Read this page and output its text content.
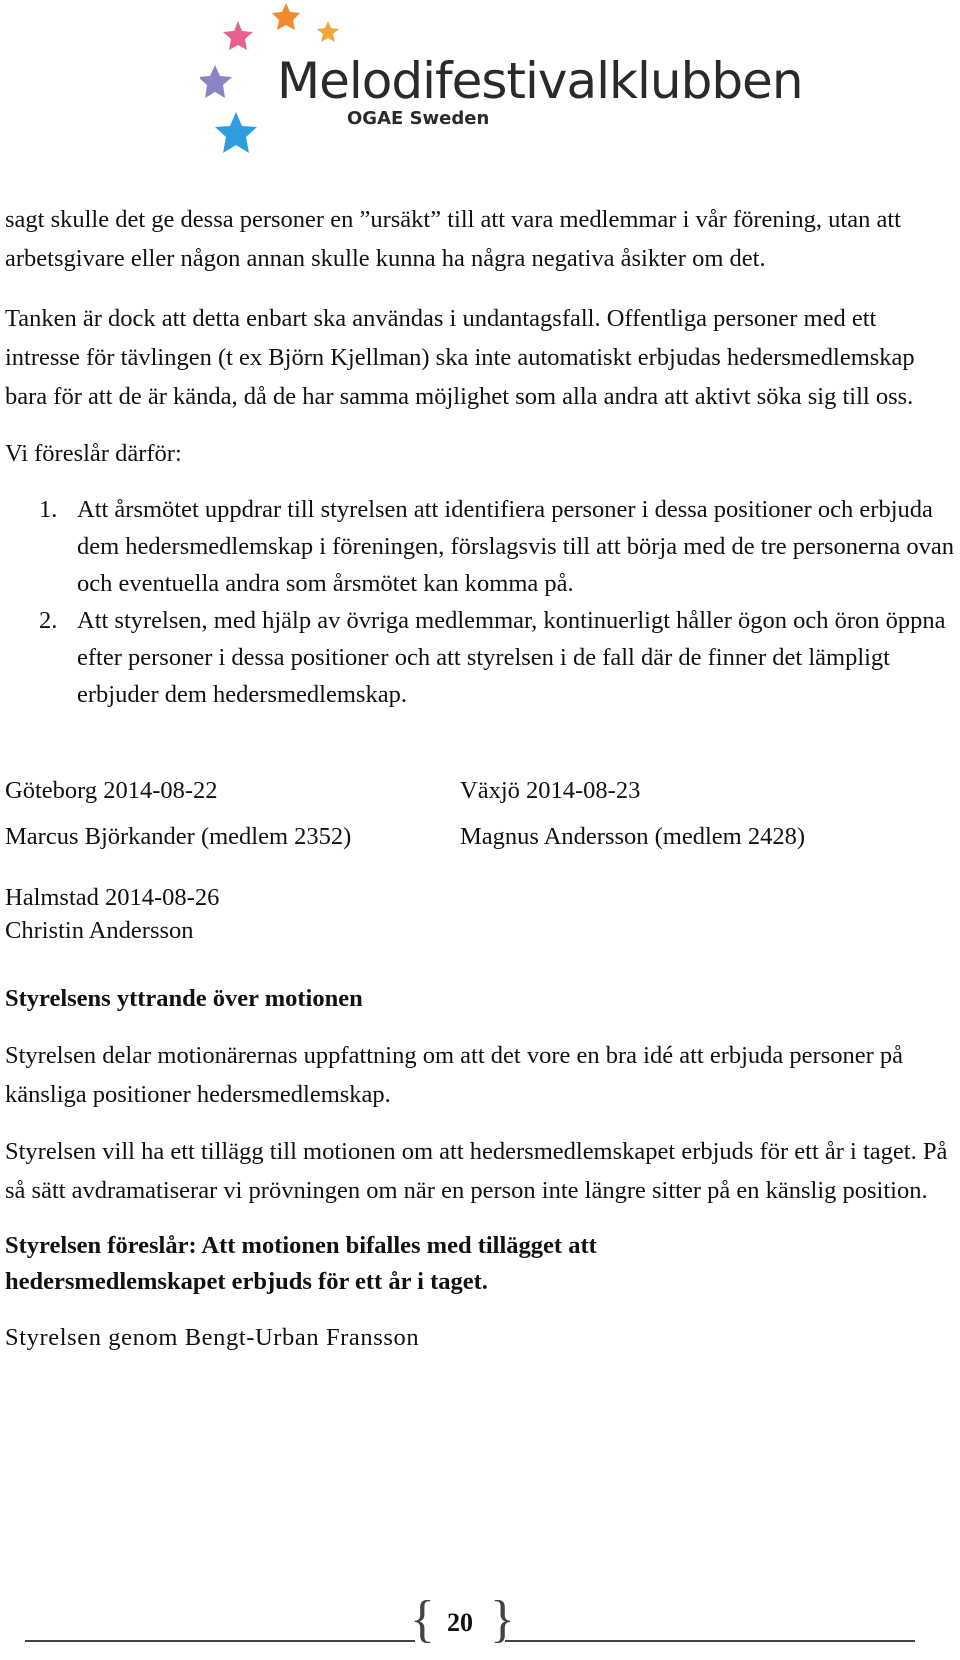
Melodifestivalklubben
OGAE Sweden

sagt skulle det ge dessa personer en ”ursäkt” till att vara medlemmar i vår förening, utan att arbetsgivare eller någon annan skulle kunna ha några negativa åsikter om det.

Tanken är dock att detta enbart ska användas i undantagsfall. Offentliga personer med ett intresse för tävlingen (t ex Björn Kjellman) ska inte automatiskt erbjudas hedersmedlemskap bara för att de är kända, då de har samma möjlighet som alla andra att aktivt söka sig till oss.

Vi föreslår därför:

1. Att årsmötet uppdrar till styrelsen att identifiera personer i dessa positioner och erbjuda dem hedersmedlemskap i föreningen, förslagsvis till att börja med de tre personerna ovan och eventuella andra som årsmötet kan komma på.
2. Att styrelsen, med hjälp av övriga medlemmar, kontinuerligt håller ögon och öron öppna efter personer i dessa positioner och att styrelsen i de fall där de finner det lämpligt erbjuder dem hedersmedlemskap.
Göteborg 2014-08-22	Växjö 2014-08-23
Marcus Björkander (medlem 2352)	Magnus Andersson (medlem 2428)

Halmstad 2014-08-26

Christin Andersson

Styrelsens yttrande över motionen

Styrelsen delar motionärernas uppfattning om att det vore en bra idé att erbjuda personer på känsliga positioner hedersmedlemskap.

Styrelsen vill ha ett tillägg till motionen om att hedersmedlemskapet erbjuds för ett år i taget. På så sätt avdramatiserar vi prövningen om när en person inte längre sitter på en känslig position.

Styrelsen föreslår: Att motionen bifalles med tillägget att hedersmedlemskapet erbjuds för ett år i taget.

Styrelsen genom Bengt-Urban Fransson

{ 20 }
